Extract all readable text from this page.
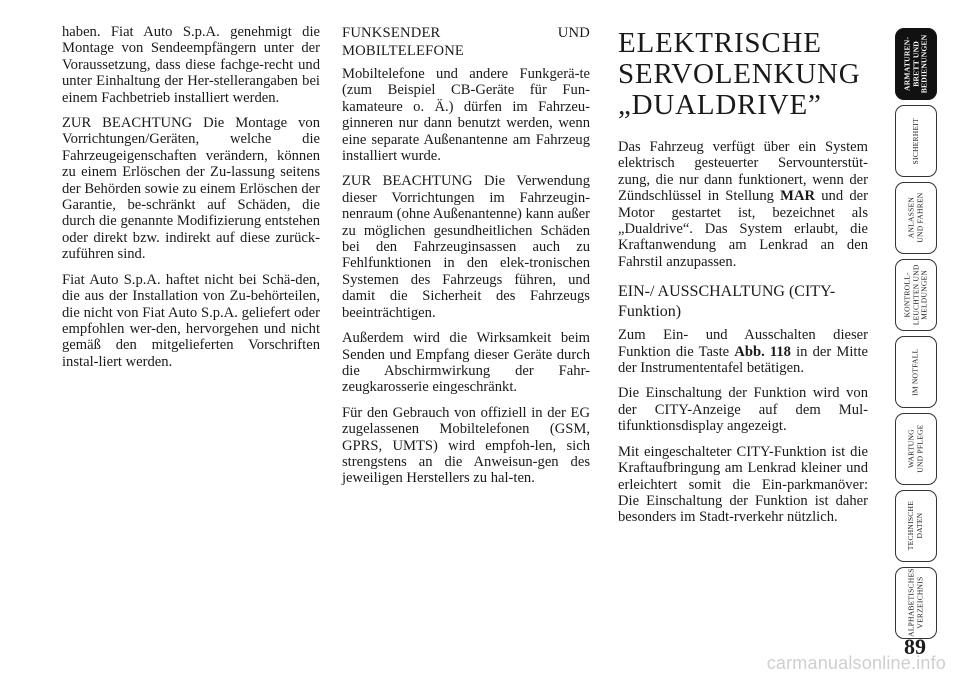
haben. Fiat Auto S.p.A. genehmigt die Montage von Sendeempfängern unter der Voraussetzung, dass diese fachge-recht und unter Einhaltung der Her-stellerangaben bei einem Fachbetrieb installiert werden.

ZUR BEACHTUNG Die Montage von Vorrichtungen/Geräten, welche die Fahrzeugeigenschaften verändern, können zu einem Erlöschen der Zu-lassung seitens der Behörden sowie zu einem Erlöschen der Garantie, be-schränkt auf Schäden, die durch die genannte Modifizierung entstehen oder direkt bzw. indirekt auf diese zurück-zuführen sind.

Fiat Auto S.p.A. haftet nicht bei Schä-den, die aus der Installation von Zu-behörteilen, die nicht von Fiat Auto S.p.A. geliefert oder empfohlen wer-den, hervorgehen und nicht gemäß den mitgelieferten Vorschriften instal-liert werden.

FUNKSENDER UND MOBILTELEFONE

Mobiltelefone und andere Funkgerä-te (zum Beispiel CB-Geräte für Fun-kamateure o. Ä.) dürfen im Fahrzeu-ginneren nur dann benutzt werden, wenn eine separate Außenantenne am Fahrzeug installiert wurde.

ZUR BEACHTUNG Die Verwendung dieser Vorrichtungen im Fahrzeugin-nenraum (ohne Außenantenne) kann außer zu möglichen gesundheitlichen Schäden bei den Fahrzeuginsassen auch zu Fehlfunktionen in den elek-tronischen Systemen des Fahrzeugs führen, und damit die Sicherheit des Fahrzeugs beeinträchtigen.

Außerdem wird die Wirksamkeit beim Senden und Empfang dieser Geräte durch die Abschirmwirkung der Fahr-zeugkarosserie eingeschränkt.

Für den Gebrauch von offiziell in der EG zugelassenen Mobiltelefonen (GSM, GPRS, UMTS) wird empfoh-len, sich strengstens an die Anweisun-gen des jeweiligen Herstellers zu hal-ten.

ELEKTRISCHE SERVOLENKUNG „DUALDRIVE”

Das Fahrzeug verfügt über ein System elektrisch gesteuerter Servounterstüt-zung, die nur dann funktionert, wenn der Zündschlüssel in Stellung MAR und der Motor gestartet ist, bezeichnet als „Dualdrive“. Das System erlaubt, die Kraftanwendung am Lenkrad an den Fahrstil anzupassen.

EIN-/ AUSSCHALTUNG (CITY-Funktion)

Zum Ein- und Ausschalten dieser Funktion die Taste Abb. 118 in der Mitte der Instrumententafel betätigen.

Die Einschaltung der Funktion wird von der CITY-Anzeige auf dem Mul-tifunktionsdisplay angezeigt.

Mit eingeschalteter CITY-Funktion ist die Kraftaufbringung am Lenkrad kleiner und erleichtert somit die Ein-parkmanöver: Die Einschaltung der Funktion ist daher besonders im Stadt-rverkehr nützlich.

ARMATUREN-
BRETT UND
BEDIENUNGEN
SICHERHEIT
ANLASSEN
UND FAHREN
KONTROLL-
LEUCHTEN UND
MELDUNGEN
IM NOTFALL
WARTUNG
UND PFLEGE
TECHNISCHE
DATEN
ALPHABETISCHES
VERZEICHNIS
89
carmanualsonline.info
